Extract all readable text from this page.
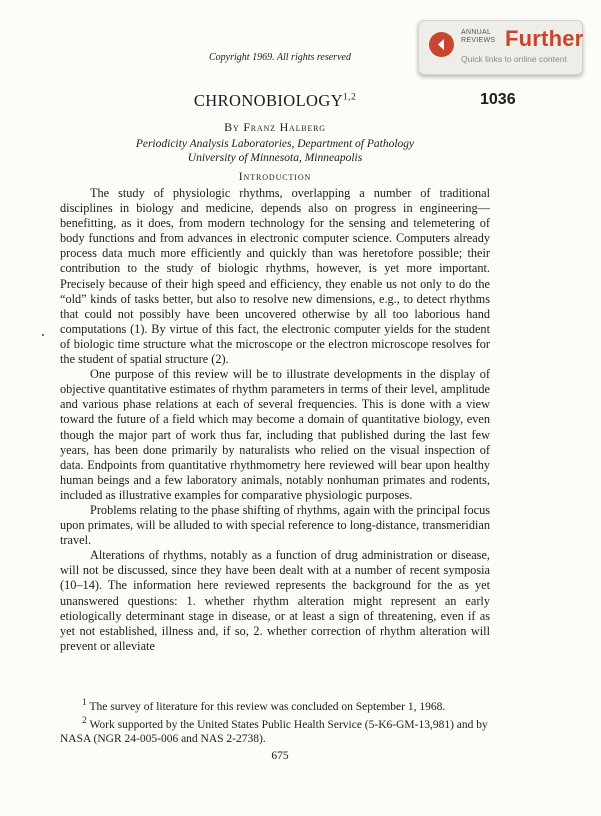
Copyright 1969. All rights reserved
ANNUAL
REVIEWS Further
Quick links to online content
1036
CHRONOBIOLOGY$^{1,2}$
By Franz Halberg
Periodicity Analysis Laboratories, Department of Pathology
University of Minnesota, Minneapolis
Introduction

The study of physiologic rhythms, overlapping a number of traditional disciplines in biology and medicine, depends also on progress in engineering—benefitting, as it does, from modern technology for the sensing and telemetering of body functions and from advances in electronic computer science. Computers already process data much more efficiently and quickly than was heretofore possible; their contribution to the study of biologic rhythms, however, is yet more important. Precisely because of their high speed and efficiency, they enable us not only to do the “old” kinds of tasks better, but also to resolve new dimensions, e.g., to detect rhythms that could not possibly have been uncovered otherwise by all too laborious hand computations (1). By virtue of this fact, the electronic computer yields for the student of biologic time structure what the microscope or the electron microscope resolves for the student of spatial structure (2).

One purpose of this review will be to illustrate developments in the display of objective quantitative estimates of rhythm parameters in terms of their level, amplitude and various phase relations at each of several frequencies. This is done with a view toward the future of a field which may become a domain of quantitative biology, even though the major part of work thus far, including that published during the last few years, has been done primarily by naturalists who relied on the visual inspection of data. Endpoints from quantitative rhythmometry here reviewed will bear upon healthy human beings and a few laboratory animals, notably nonhuman primates and rodents, included as illustrative examples for comparative physiologic purposes.

Problems relating to the phase shifting of rhythms, again with the principal focus upon primates, will be alluded to with special reference to long-distance, transmeridian travel.

Alterations of rhythms, notably as a function of drug administration or disease, will not be discussed, since they have been dealt with at a number of recent symposia (10–14). The information here reviewed represents the background for the as yet unanswered questions: 1. whether rhythm alteration might represent an early etiologically determinant stage in disease, or at least a sign of threatening, even if as yet not established, illness and, if so, 2. whether correction of rhythm alteration will prevent or alleviate

$^1$ The survey of literature for this review was concluded on September 1, 1968.
$^2$ Work supported by the United States Public Health Service (5-K6-GM-13,981) and by NASA (NGR 24-005-006 and NAS 2-2738).
675
